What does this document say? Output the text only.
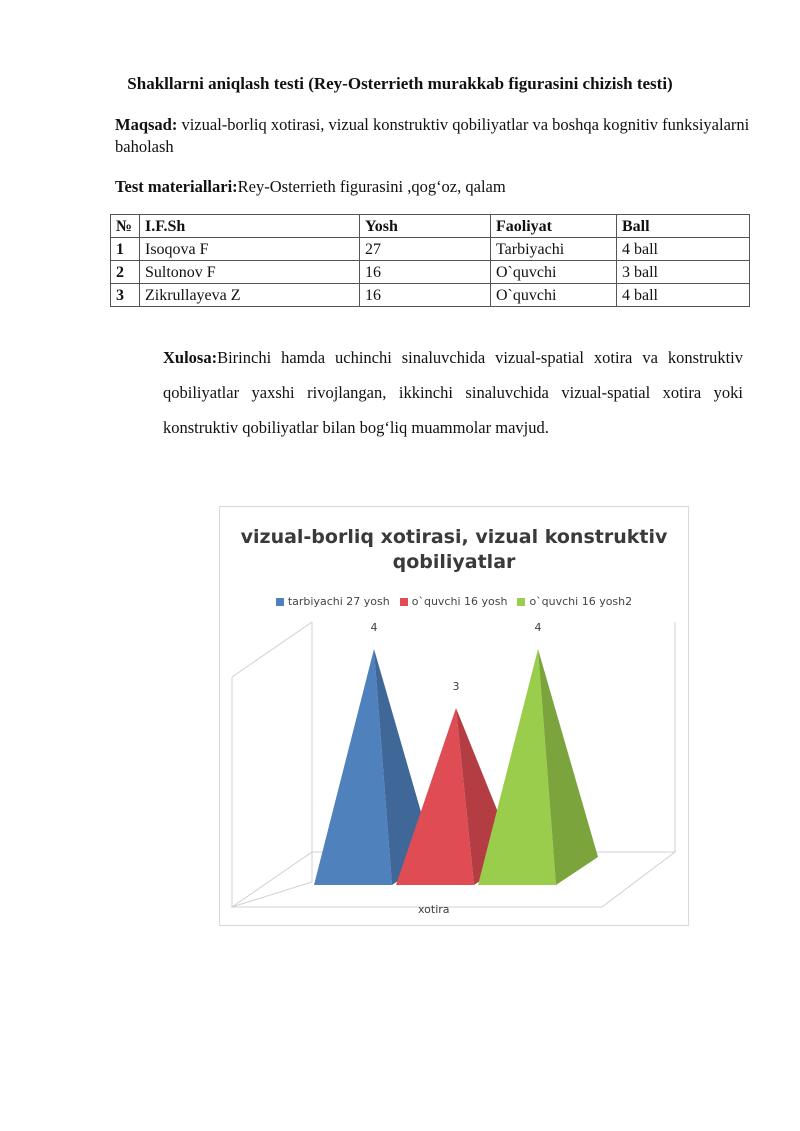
Shakllarni aniqlash testi (Rey-Osterrieth murakkab figurasini chizish testi)
Maqsad: vizual-borliq xotirasi, vizual konstruktiv qobiliyatlar va boshqa kognitiv funksiyalarni baholash
Test materiallari:Rey-Osterrieth figurasini ,qog‘oz, qalam
№	I.F.Sh	Yosh	Faoliyat	Ball
1	Isoqova F	27	Tarbiyachi	4 ball
2	Sultonov F	16	O`quvchi	3 ball
3	Zikrullayeva Z	16	O`quvchi	4 ball
Xulosa:Birinchi hamda uchinchi sinaluvchida vizual-spatial xotira va konstruktiv qobiliyatlar yaxshi rivojlangan, ikkinchi sinaluvchida vizual-spatial xotira yoki konstruktiv qobiliyatlar bilan bog‘liq muammolar mavjud.
vizual-borliq xotirasi, vizual konstruktiv qobiliyatlar
tarbiyachi 27 yosh o`quvchi 16 yosh o`quvchi 16 yosh2
4
3
4
xotira
